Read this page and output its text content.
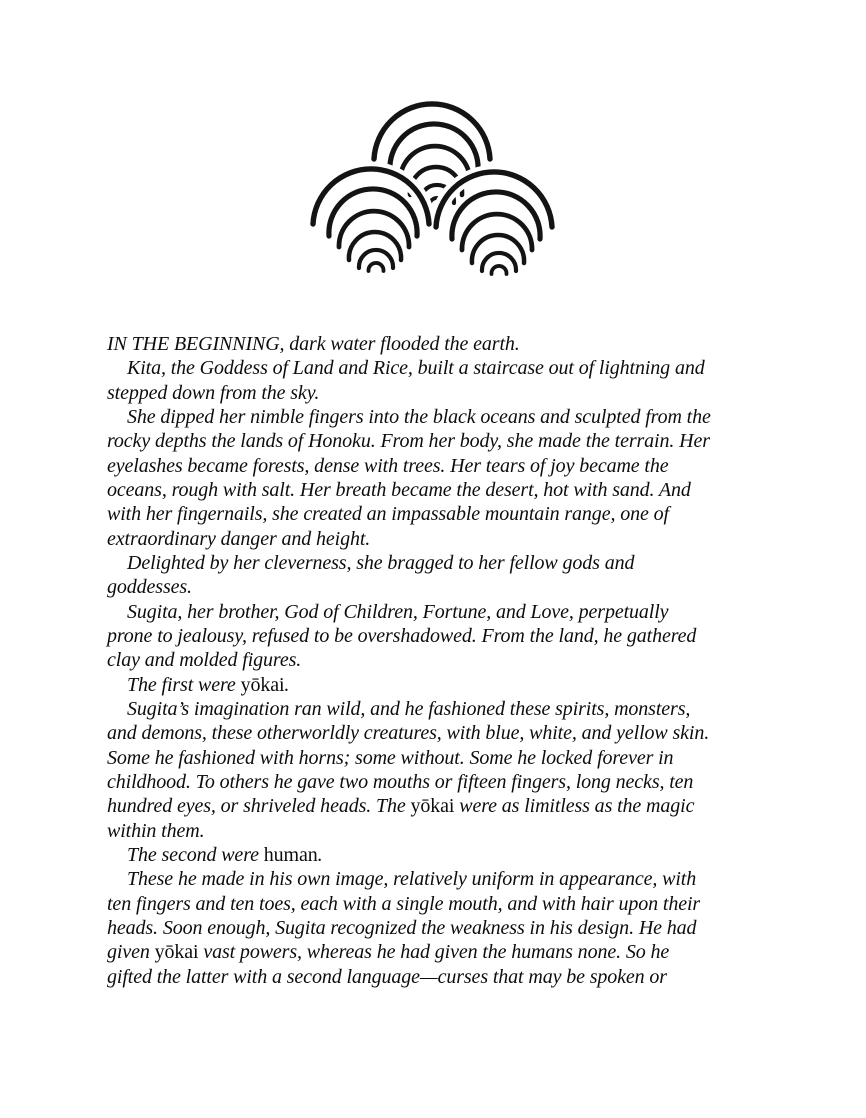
IN THE BEGINNING, dark water flooded the earth.
Kita, the Goddess of Land and Rice, built a staircase out of lightning and
stepped down from the sky.
She dipped her nimble fingers into the black oceans and sculpted from the
rocky depths the lands of Honoku. From her body, she made the terrain. Her
eyelashes became forests, dense with trees. Her tears of joy became the
oceans, rough with salt. Her breath became the desert, hot with sand. And
with her fingernails, she created an impassable mountain range, one of
extraordinary danger and height.
Delighted by her cleverness, she bragged to her fellow gods and
goddesses.
Sugita, her brother, God of Children, Fortune, and Love, perpetually
prone to jealousy, refused to be overshadowed. From the land, he gathered
clay and molded figures.
The first were yōkai.
Sugita’s imagination ran wild, and he fashioned these spirits, monsters,
and demons, these otherworldly creatures, with blue, white, and yellow skin.
Some he fashioned with horns; some without. Some he locked forever in
childhood. To others he gave two mouths or fifteen fingers, long necks, ten
hundred eyes, or shriveled heads. The yōkai were as limitless as the magic
within them.
The second were human.
These he made in his own image, relatively uniform in appearance, with
ten fingers and ten toes, each with a single mouth, and with hair upon their
heads. Soon enough, Sugita recognized the weakness in his design. He had
given yōkai vast powers, whereas he had given the humans none. So he
gifted the latter with a second language—curses that may be spoken or
